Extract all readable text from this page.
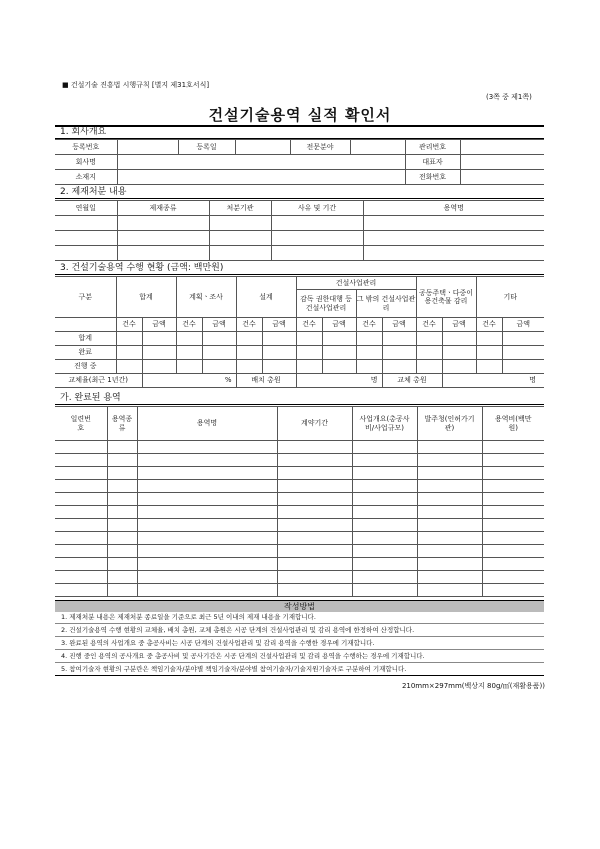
■ 건설기술 진흥법 시행규칙 [별지 제31호서식]
(3쪽 중 제1쪽)
건설기술용역 실적 확인서
1. 회사개요
등록번호		등록일		전문분야		관리번호	
회사명						대표자	
소재지						전화번호	
2. 제재처분 내용
연월일	제재종류	처분기관	사유 및 기간	용역명

3. 건설기술용역 수행 현황 (금액: 백만원)
구분	합계		계획ㆍ조사		설계		건설사업관리				공동주택ㆍ다중이용건축물 감리		기타	
							감독 권한대행 등 건설사업관리		그 밖의 건설사업관리					
	건수	금액	건수	금액	건수	금액	건수	금액	건수	금액	건수	금액	건수	금액
합계														
완료														
진행 중														
교체율(최근 1년간)		%			배치 총원		명			교체 총원		명		
가. 완료된 용역
일련번호	용역종류	용역명	계약기간	사업개요(총공사비/사업규모)	발주청(인허가기관)	용역비(백만원)

작성방법
1. 제재처분 내용은 제재처분 종료일을 기준으로 최근 5년 이내의 제재 내용을 기재합니다.
2. 건설기술용역 수행 현황의 교체율, 배치 총원, 교체 총원은 시공 단계의 건설사업관리 및 감리 용역에 한정하여 산정합니다.
3. 완료된 용역의 사업개요 중 총공사비는 시공 단계의 건설사업관리 및 감리 용역을 수행한 경우에 기재합니다.
4. 진행 중인 용역의 공사개요 중 총공사비 및 공사기간은 시공 단계의 건설사업관리 및 감리 용역을 수행하는 경우에 기재합니다.
5. 참여기술자 현황의 구분란은 책임기술자/분야별 책임기술자/분야별 참여기술자/기술지원기술자로 구분하여 기재합니다.
210mm×297mm(백상지 80g/㎡(재활용품))
